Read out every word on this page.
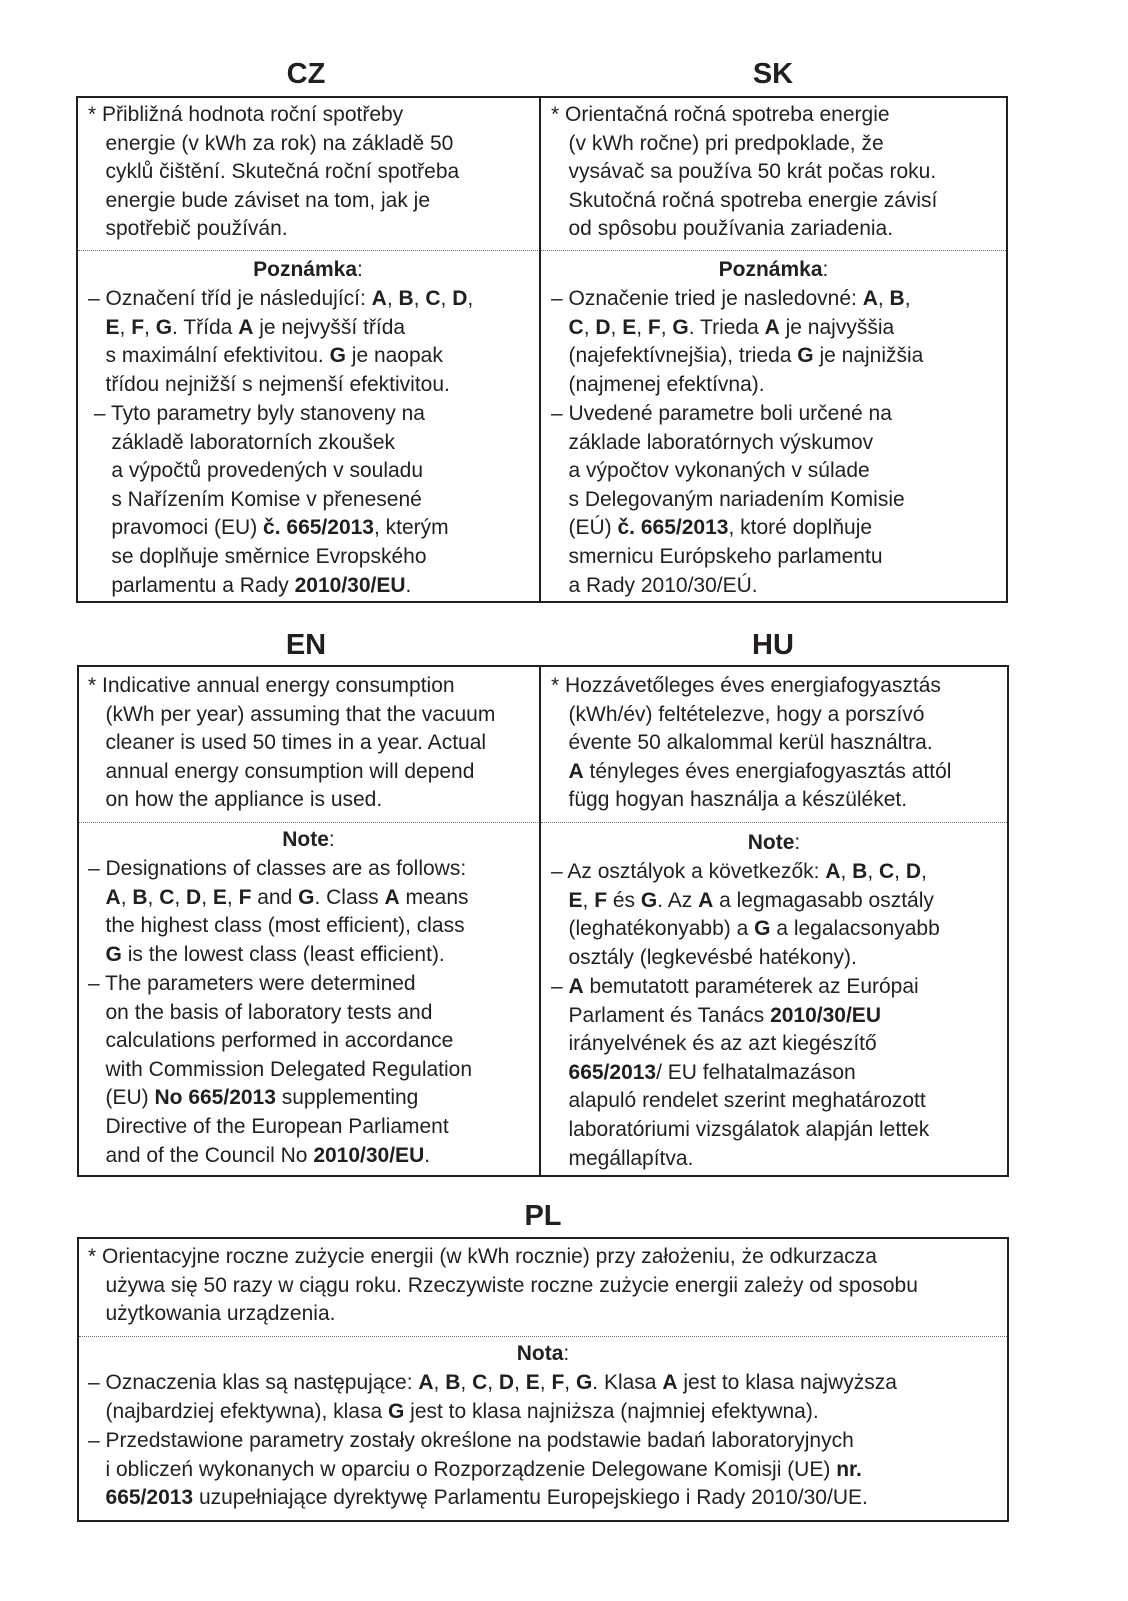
CZ	SK
* Přibližná hodnota roční spotřeby
energie (v kWh za rok) na základě 50
cyklů čištění. Skutečná roční spotřeba
energie bude záviset na tom, jak je
spotřebič používán.
Poznámka:
– Označení tříd je následující: A, B, C, D,
E, F, G. Třída A je nejvyšší třída
s maximální efektivitou. G je naopak
třídou nejnižší s nejmenší efektivitou.
– Tyto parametry byly stanoveny na
základě laboratorních zkoušek
a výpočtů provedených v souladu
s Nařízením Komise v přenesené
pravomoci (EU) č. 665/2013, kterým
se doplňuje směrnice Evropského
parlamentu a Rady 2010/30/EU.
* Orientačná ročná spotreba energie
(v kWh ročne) pri predpoklade, že
vysávač sa používa 50 krát počas roku.
Skutočná ročná spotreba energie závisí
od spôsobu používania zariadenia.
Poznámka:
– Označenie tried je nasledovné: A, B,
C, D, E, F, G. Trieda A je najvyššia
(najefektívnejšia), trieda G je najnižšia
(najmenej efektívna).
– Uvedené parametre boli určené na
základe laboratórnych výskumov
a výpočtov vykonaných v súlade
s Delegovaným nariadením Komisie
(EÚ) č. 665/2013, ktoré doplňuje
smernicu Európskeho parlamentu
a Rady 2010/30/EÚ.
EN	HU
* Indicative annual energy consumption
(kWh per year) assuming that the vacuum
cleaner is used 50 times in a year. Actual
annual energy consumption will depend
on how the appliance is used.
Note:
– Designations of classes are as follows:
A, B, C, D, E, F and G. Class A means
the highest class (most efficient), class
G is the lowest class (least efficient).
– The parameters were determined
on the basis of laboratory tests and
calculations performed in accordance
with Commission Delegated Regulation
(EU) No 665/2013 supplementing
Directive of the European Parliament
and of the Council No 2010/30/EU.
* Hozzávetőleges éves energiafogyasztás
(kWh/év) feltételezve, hogy a porszívó
évente 50 alkalommal kerül használtra.
A tényleges éves energiafogyasztás attól
függ hogyan használja a készüléket.
Note:
– Az osztályok a következők: A, B, C, D,
E, F és G. Az A a legmagasabb osztály
(leghatékonyabb) a G a legalacsonyabb
osztály (legkevésbé hatékony).
– A bemutatott paraméterek az Európai
Parlament és Tanács 2010/30/EU
irányelvének és az azt kiegészítő
665/2013/ EU felhatalmazáson
alapuló rendelet szerint meghatározott
laboratóriumi vizsgálatok alapján lettek
megállapítva.
PL
* Orientacyjne roczne zużycie energii (w kWh rocznie) przy założeniu, że odkurzacza
używa się 50 razy w ciągu roku. Rzeczywiste roczne zużycie energii zależy od sposobu
użytkowania urządzenia.
Nota:
– Oznaczenia klas są następujące: A, B, C, D, E, F, G. Klasa A jest to klasa najwyższa
(najbardziej efektywna), klasa G jest to klasa najniższa (najmniej efektywna).
– Przedstawione parametry zostały określone na podstawie badań laboratoryjnych
i obliczeń wykonanych w oparciu o Rozporządzenie Delegowane Komisji (UE) nr.
665/2013 uzupełniające dyrektywę Parlamentu Europejskiego i Rady 2010/30/UE.
